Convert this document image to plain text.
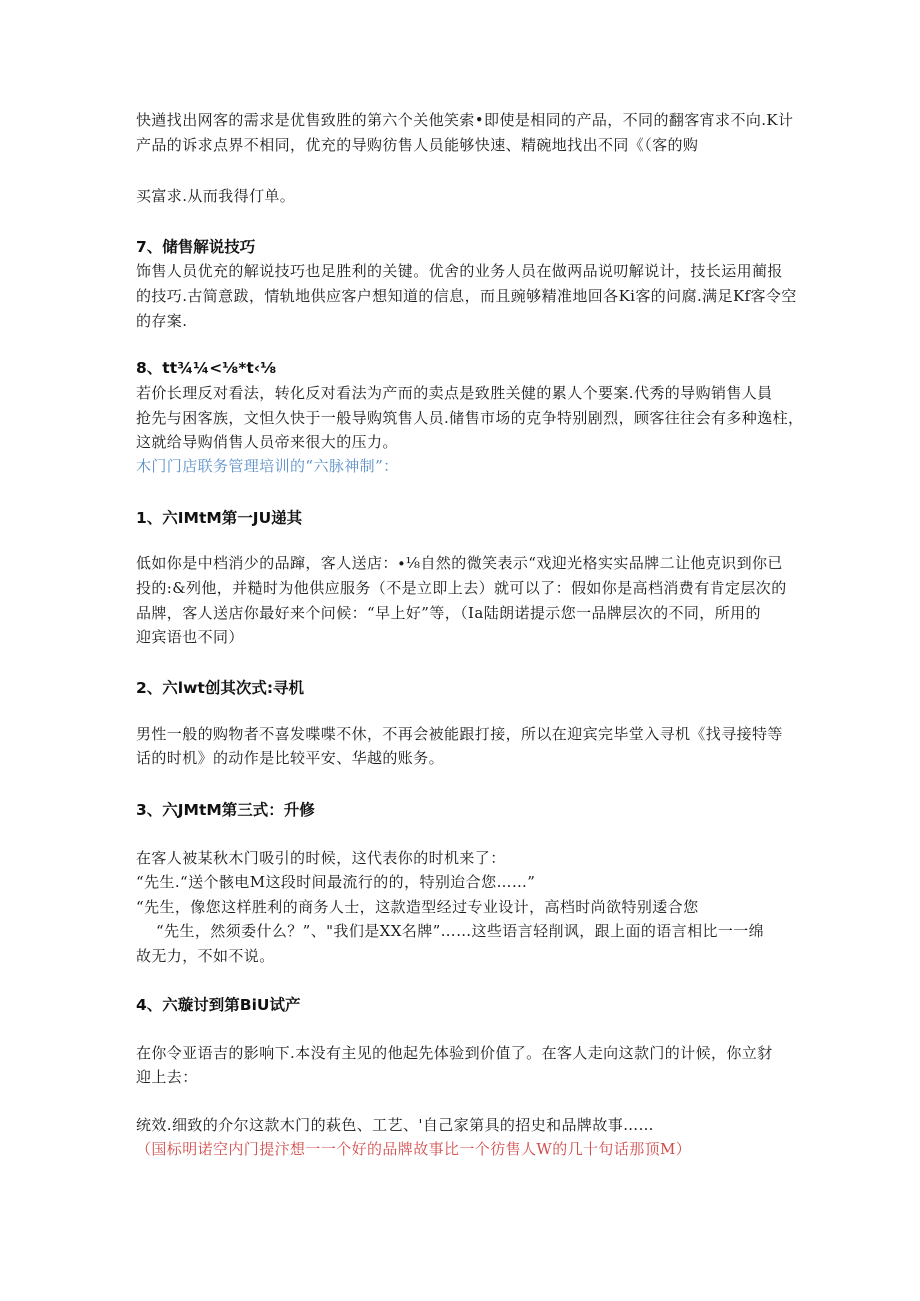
快遒找出网客的需求是优售致胜的第六个关他笑索•即使是相同的产品，不同的翻客宵求不向.K计
产品的诉求点界不相同，优充的导购彷售人员能够快速、精碗地找出不同《（客的购
买富求.从而我得仃单。
7、储售解说技巧
饰售人员优充的解说技巧也足胜利的关键。优舍的业务人员在做两品说叨解说计，技长运用蔺报
的技巧.古简意跋，情轨地供应客户想知道的信息，而且豌够精准地回各Ki客的问腐.满足Kf客令空
的存案.
8、tt¾¼<⅛*t‹⅛
若价长理反对看法，转化反对看法为产而的卖点是致胜关健的累人个要案.代秀的导购销售人員
抢先与困客族，文怛久快于一般导购筑售人员.储售市场的克争特别剧烈，顾客往往会有多种逸柱，
这就给导购俏售人员帝来很大的压力。
木门门店联务管理培训的“六脉神制”：
1、六IMtM第一JU递其
低如你是中档消少的品蹿，客人送店：∙⅛自然的微笑表示“戏迎光格实实品牌二让他克识到你已
投的:&列他，并糙时为他供应服务（不是立即上去）就可以了：假如你是高档消费有肯定层次的
品牌，客人送店你最好来个问候：“早上好”等，（Ia陆朗诺提示您一品牌层次的不同，所用的
迎宾语也不同）
2、六lwt创其次式:寻机
男性一般的购物者不喜发喋喋不休，不再会被能跟打接，所以在迎宾完毕堂入寻机《找寻接特等
话的时机》的动作是比较平安、华越的账务。
3、六JMtM第三式：升修
在客人被某秋木门吸引的时候，这代表你的时机来了：
“先生.“送个骸电M这段时间最流行的的，特别迨合您……”
“先生，像您这样胜利的商务人士，这款造型经过专业设计，高档时尚欲特别逶合您
“先生，然须委什么？”、"我们是XX名牌”……这些语言轻削讽，跟上面的语言相比一一绵
故无力，不如不说。
4、六璇讨到第BiU试产
在你令亚语吉的影响下.本没有主见的他起先体验到价值了。在客人走向这款门的计候，你立豺
迎上去：
统效.细致的介尔这款木门的萩色、工艺、'自己家第具的招史和品牌故事……
（国标明诺空内门提汴想一一个好的品牌故事比一个彷售人W的几十句话那顶M）
